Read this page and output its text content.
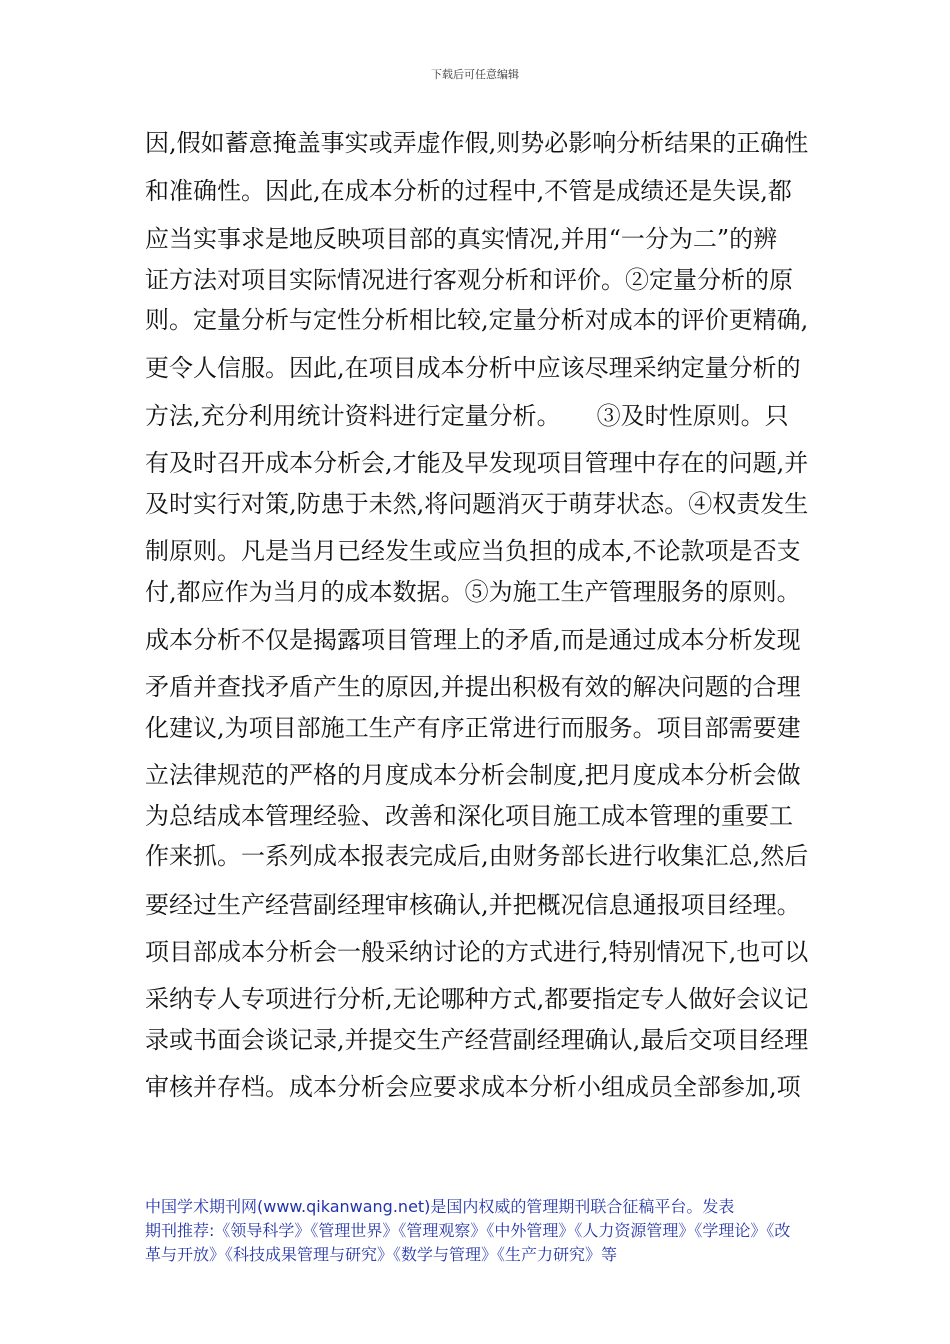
下载后可任意编辑
因,假如蓄意掩盖事实或弄虚作假,则势必影响分析结果的正确性
和准确性。因此,在成本分析的过程中,不管是成绩还是失误,都
应当实事求是地反映项目部的真实情况,并用“一分为二”的辨
证方法对项目实际情况进行客观分析和评价。②定量分析的原
则。定量分析与定性分析相比较,定量分析对成本的评价更精确,
更令人信服。因此,在项目成本分析中应该尽理采纳定量分析的
方法,充分利用统计资料进行定量分析。　　③及时性原则。只
有及时召开成本分析会,才能及早发现项目管理中存在的问题,并
及时实行对策,防患于未然,将问题消灭于萌芽状态。④权责发生
制原则。凡是当月已经发生或应当负担的成本,不论款项是否支
付,都应作为当月的成本数据。⑤为施工生产管理服务的原则。
成本分析不仅是揭露项目管理上的矛盾,而是通过成本分析发现
矛盾并查找矛盾产生的原因,并提出积极有效的解决问题的合理
化建议,为项目部施工生产有序正常进行而服务。项目部需要建
立法律规范的严格的月度成本分析会制度,把月度成本分析会做
为总结成本管理经验、改善和深化项目施工成本管理的重要工
作来抓。一系列成本报表完成后,由财务部长进行收集汇总,然后
要经过生产经营副经理审核确认,并把概况信息通报项目经理。
项目部成本分析会一般采纳讨论的方式进行,特别情况下,也可以
采纳专人专项进行分析,无论哪种方式,都要指定专人做好会议记
录或书面会谈记录,并提交生产经营副经理确认,最后交项目经理
审核并存档。成本分析会应要求成本分析小组成员全部参加,项
中国学术期刊网(www.qikanwang.net)是国内权威的管理期刊联合征稿平台。发表
期刊推荐:《领导科学》《管理世界》《管理观察》《中外管理》《人力资源管理》《学理论》《改
革与开放》《科技成果管理与研究》《数学与管理》《生产力研究》等
